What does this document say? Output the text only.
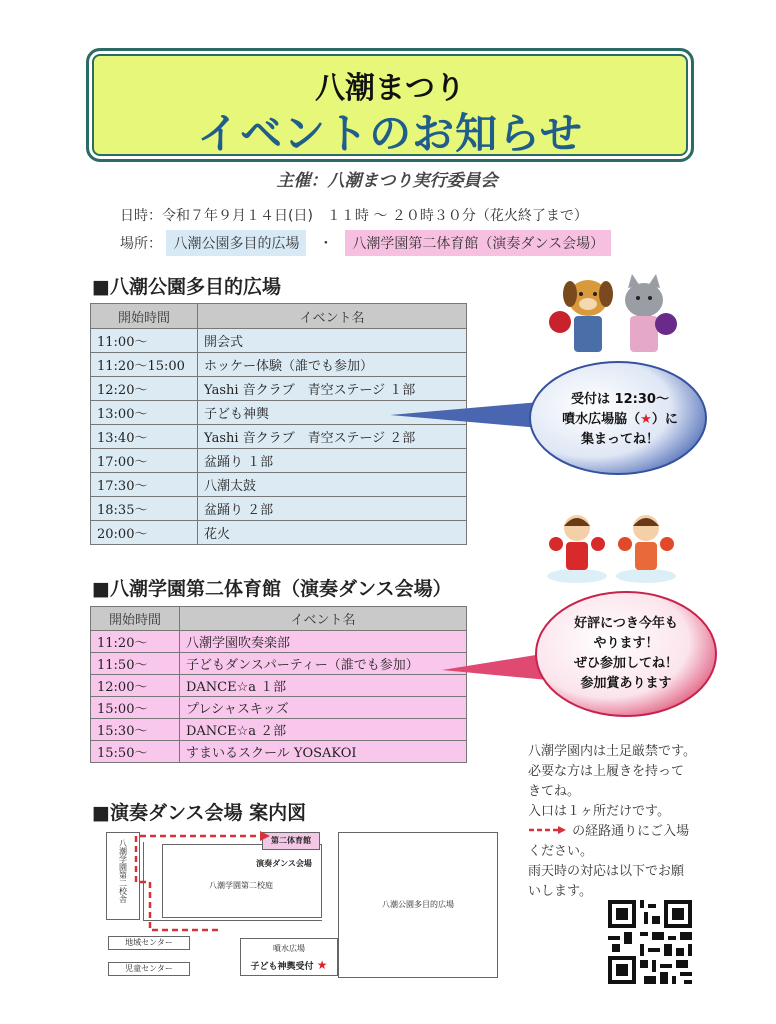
八潮まつり
イベントのお知らせ
主催：八潮まつり実行委員会
日時：令和７年９月１４日(日)　１１時 ～ ２０時３０分（花火終了まで）
場所： 八潮公園多目的広場 ・ 八潮学園第二体育館（演奏ダンス会場）
■八潮公園多目的広場
開始時間	イベント名
11:00～	開会式
11:20～15:00	ホッケー体験（誰でも参加）
12:20～	Yashi 音クラブ　青空ステージ １部
13:00～	子ども神輿
13:40～	Yashi 音クラブ　青空ステージ ２部
17:00～	盆踊り １部
17:30～	八潮太鼓
18:35～	盆踊り ２部
20:00～	花火
受付は 12:30～
噴水広場脇（★）に
集まってね！
■八潮学園第二体育館（演奏ダンス会場）
開始時間	イベント名
11:20～	八潮学園吹奏楽部
11:50～	子どもダンスパーティー（誰でも参加）
12:00～	DANCE☆a １部
15:00～	プレシャスキッズ
15:30～	DANCE☆a ２部
15:50～	すまいるスクール YOSAKOI
好評につき今年も
やります！
ぜひ参加してね！
参加賞あります
■演奏ダンス会場 案内図
八潮学園第二校舎	八潮学園第二校庭
第二体育館
演奏ダンス会場
八潮公園多目的広場
地域センター
児童センター
噴水広場
子ども神輿受付 ★
八潮学園内は土足厳禁です。
必要な方は上履きを持って
きてね。
入口は１ヶ所だけです。
の経路通りにご入場
ください。
雨天時の対応は以下でお願
いします。
